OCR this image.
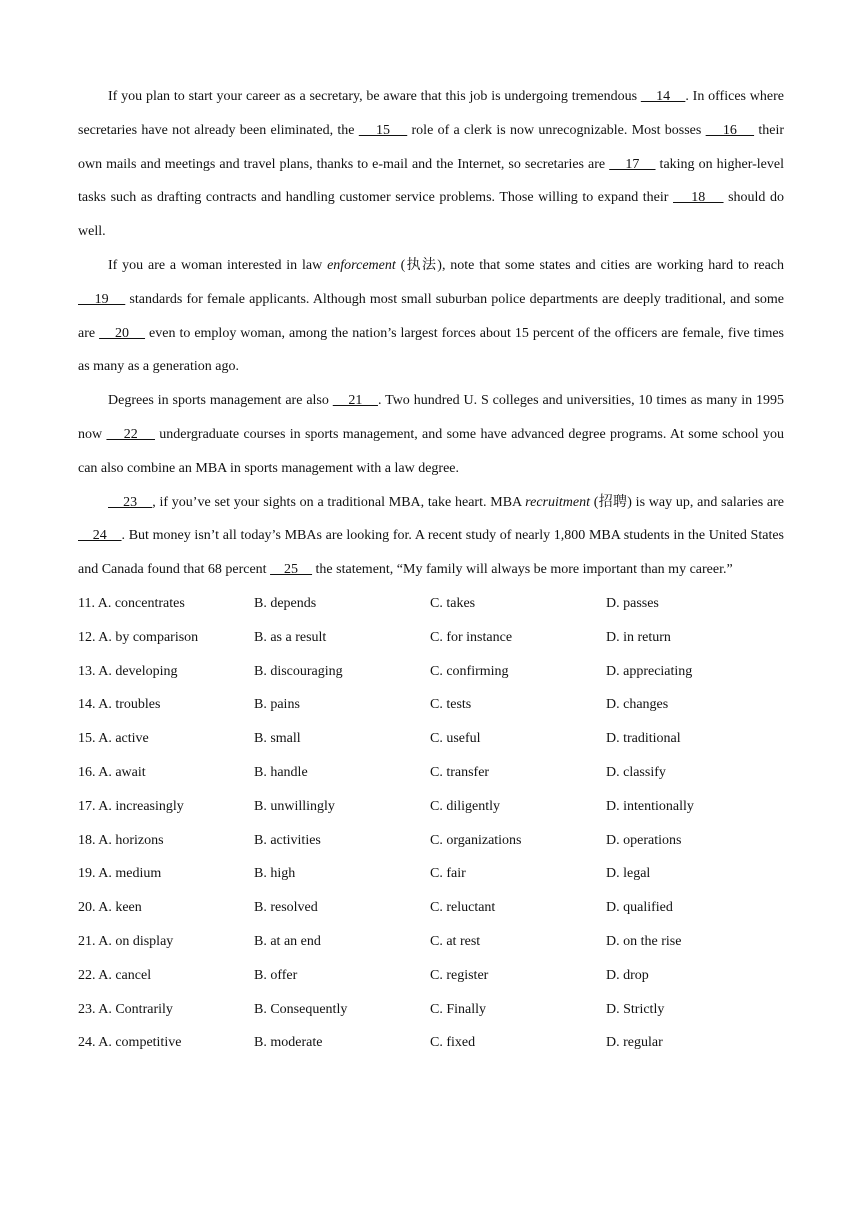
If you plan to start your career as a secretary, be aware that this job is undergoing tremendous     14    . In offices where secretaries have not already been eliminated, the     15     role of a clerk is now unrecognizable. Most bosses     16     their own mails and meetings and travel plans, thanks to e-mail and the Internet, so secretaries are     17     taking on higher-level tasks such as drafting contracts and handling customer service problems. Those willing to expand their     18     should do well.

If you are a woman interested in law enforcement (执法), note that some states and cities are working hard to reach     19     standards for female applicants. Although most small suburban police departments are deeply traditional, and some are     20     even to employ woman, among the nation’s largest forces about 15 percent of the officers are female, five times as many as a generation ago.

Degrees in sports management are also     21    . Two hundred U. S colleges and universities, 10 times as many in 1995 now     22     undergraduate courses in sports management, and some have advanced degree programs. At some school you can also combine an MBA in sports management with a law degree.

23    , if you’ve set your sights on a traditional MBA, take heart. MBA recruitment (招聘) is way up, and salaries are     24    . But money isn’t all today’s MBAs are looking for. A recent study of nearly 1,800 MBA students in the United States and Canada found that 68 percent     25     the statement, “My family will always be more important than my career.”

11. A. concentrates	B. depends	C. takes	D. passes
12. A. by comparison	B. as a result	C. for instance	D. in return
13. A. developing	B. discouraging	C. confirming	D. appreciating
14. A. troubles	B. pains	C. tests	D. changes
15. A. active	B. small	C. useful	D. traditional
16. A. await	B. handle	C. transfer	D. classify
17. A. increasingly	B. unwillingly	C. diligently	D. intentionally
18. A. horizons	B. activities	C. organizations	D. operations
19. A. medium	B. high	C. fair	D. legal
20. A. keen	B. resolved	C. reluctant	D. qualified
21. A. on display	B. at an end	C. at rest	D. on the rise
22. A. cancel	B. offer	C. register	D. drop
23. A. Contrarily	B. Consequently	C. Finally	D. Strictly
24. A. competitive	B. moderate	C. fixed	D. regular
